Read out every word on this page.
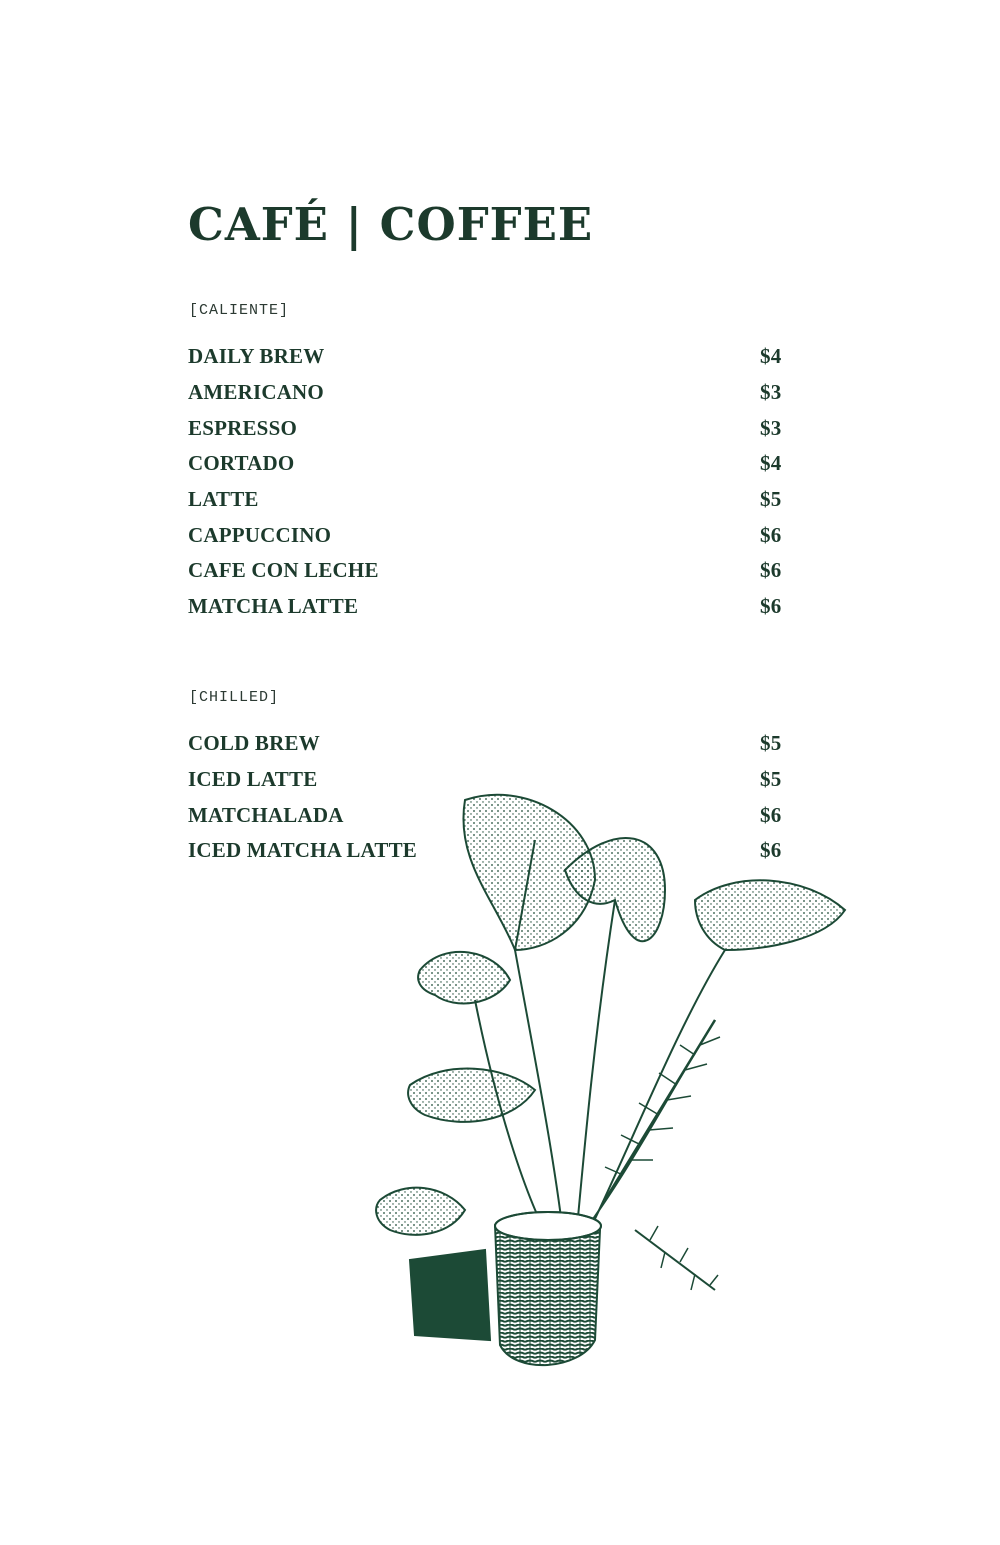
CAFÉ | COFFEE
[CALIENTE]
DAILY BREW	$4
AMERICANO	$3
ESPRESSO	$3
CORTADO	$4
LATTE	$5
CAPPUCCINO	$6
CAFE CON LECHE	$6
MATCHA LATTE	$6
[CHILLED]
COLD BREW	$5
ICED LATTE	$5
MATCHALADA	$6
ICED MATCHA LATTE	$6
